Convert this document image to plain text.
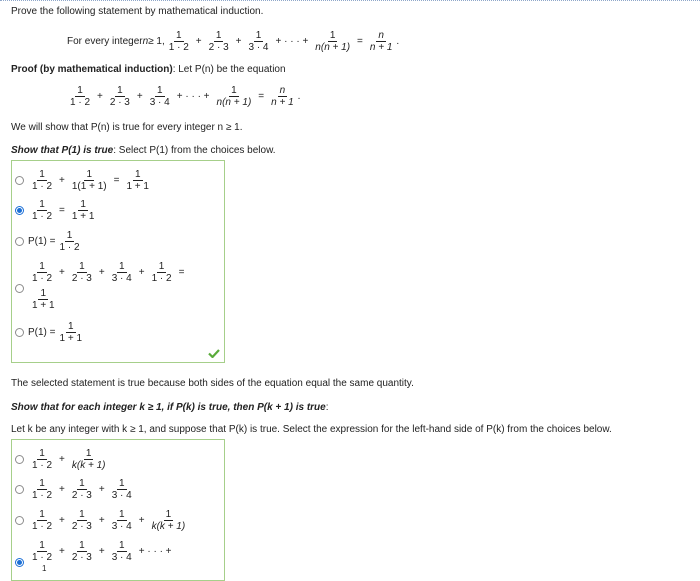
Prove the following statement by mathematical induction.
For every integer n ≥ 1, $\frac{1}{1 \cdot 2} + \frac{1}{2 \cdot 3} + \frac{1}{3 \cdot 4}$ + · · · + $\frac{1}{n(n + 1)} = \frac{n}{n + 1}$ .
Proof (by mathematical induction): Let P(n) be the equation
$\frac{1}{1 \cdot 2} + \frac{1}{2 \cdot 3} + \frac{1}{3 \cdot 4}$ + · · · + $\frac{1}{n(n + 1)} = \frac{n}{n + 1}$ .
We will show that P(n) is true for every integer n ≥ 1.
Show that P(1) is true: Select P(1) from the choices below.
$\frac{1}{1 \cdot 2} + \frac{1}{1(1 + 1)} = \frac{1}{1 + 1}$
$\frac{1}{1 \cdot 2} = \frac{1}{1 + 1}$
$P(1) = \frac{1}{1 \cdot 2}$
$\frac{1}{1 \cdot 2} + \frac{1}{2 \cdot 3} + \frac{1}{3 \cdot 4} + \frac{1}{1 \cdot 2}$ =
$\frac{1}{1 + 1}$
$P(1) = \frac{1}{1 + 1}$
The selected statement is true because both sides of the equation equal the same quantity.
Show that for each integer k ≥ 1, if P(k) is true, then P(k + 1) is true:
Let k be any integer with k ≥ 1, and suppose that P(k) is true. Select the expression for the left-hand side of P(k) from the choices below.
$\frac{1}{1 \cdot 2} + \frac{1}{k(k + 1)}$
$\frac{1}{1 \cdot 2} + \frac{1}{2 \cdot 3} + \frac{1}{3 \cdot 4}$
$\frac{1}{1 \cdot 2} + \frac{1}{2 \cdot 3} + \frac{1}{3 \cdot 4} + \frac{1}{k(k + 1)}$
$\frac{1}{1 \cdot 2} + \frac{1}{2 \cdot 3} + \frac{1}{3 \cdot 4}$ + · · · +
1
